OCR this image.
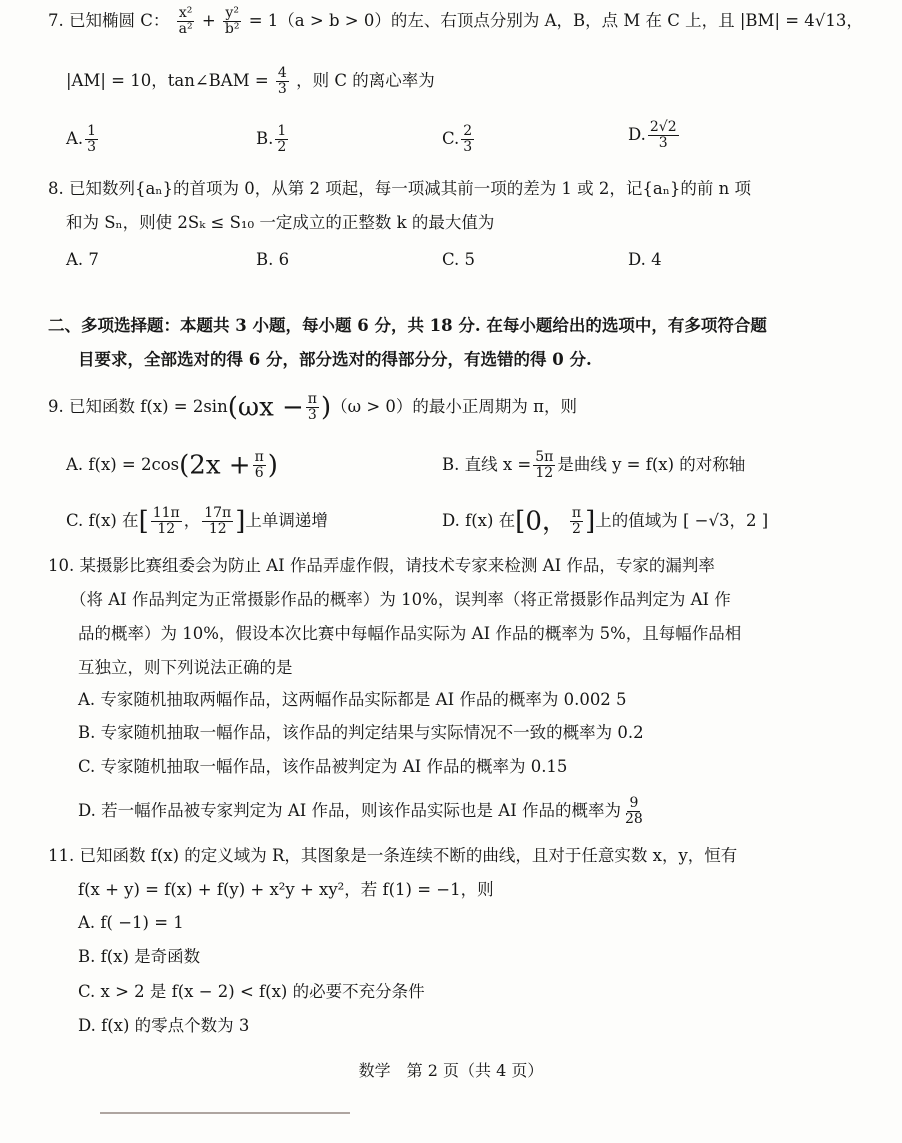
7. 已知椭圆 C： $\frac{\text{x²}}{\text{a²}} + \frac{\text{y²}}{\text{b²}} = 1(a > b > 0)$的左、右顶点分别为 A，B，点 M 在 C 上，且 |BM| = 4√13，
|AM| = 10，tan∠BAM = $\frac{4}{3}$ ，则 C 的离心率为
A. $\frac{1}{3}$	B. $\frac{1}{2}$	C. $\frac{2}{3}$	D. $\frac{2√2}{3}$
8. 已知数列{aₙ}的首项为 0，从第 2 项起，每一项减其前一项的差为 1 或 2，记{aₙ}的前 n 项
和为 Sₙ，则使 2Sₖ ≤ S₁₀ 一定成立的正整数 k 的最大值为
A. 7	B. 6	C. 5	D. 4
二、多项选择题：本题共 3 小题，每小题 6 分，共 18 分. 在每小题给出的选项中，有多项符合题
目要求，全部选对的得 6 分，部分选对的得部分分，有选错的得 0 分.
9. 已知函数 $f(x) = 2\sin(\omega x - \frac{\pi}{3} )(\omega > 0)$的最小正周期为 π，则
A. $f(x) = 2\cos(2x + \frac{\pi}{6}$ )	B. 直线 $x = \frac{5\pi}{12}$ 是曲线 y = f(x) 的对称轴
C. f(x) 在[ $\frac{11\pi}{12}$ ， $\frac{17\pi}{12}$ ]上单调递增	D. f(x) 在[0， $\frac{\pi}{2}$ ]上的值域为 [ −√3，2 ]
10. 某摄影比赛组委会为防止 AI 作品弄虚作假，请技术专家来检测 AI 作品，专家的漏判率
（将 AI 作品判定为正常摄影作品的概率）为 10%，误判率（将正常摄影作品判定为 AI 作
品的概率）为 10%，假设本次比赛中每幅作品实际为 AI 作品的概率为 5%，且每幅作品相
互独立，则下列说法正确的是
A. 专家随机抽取两幅作品，这两幅作品实际都是 AI 作品的概率为 0.002 5
B. 专家随机抽取一幅作品，该作品的判定结果与实际情况不一致的概率为 0.2
C. 专家随机抽取一幅作品，该作品被判定为 AI 作品的概率为 0.15
D. 若一幅作品被专家判定为 AI 作品，则该作品实际也是 AI 作品的概率为 $\frac{9}{28}$
11. 已知函数 f(x) 的定义域为 R，其图象是一条连续不断的曲线，且对于任意实数 x，y，恒有
f(x + y) = f(x) + f(y) + x²y + xy²，若 f(1) = −1，则
A. f( −1) = 1
B. f(x) 是奇函数
C. x > 2 是 f(x − 2) < f(x) 的必要不充分条件
D. f(x) 的零点个数为 3
数学　第 2 页（共 4 页）
